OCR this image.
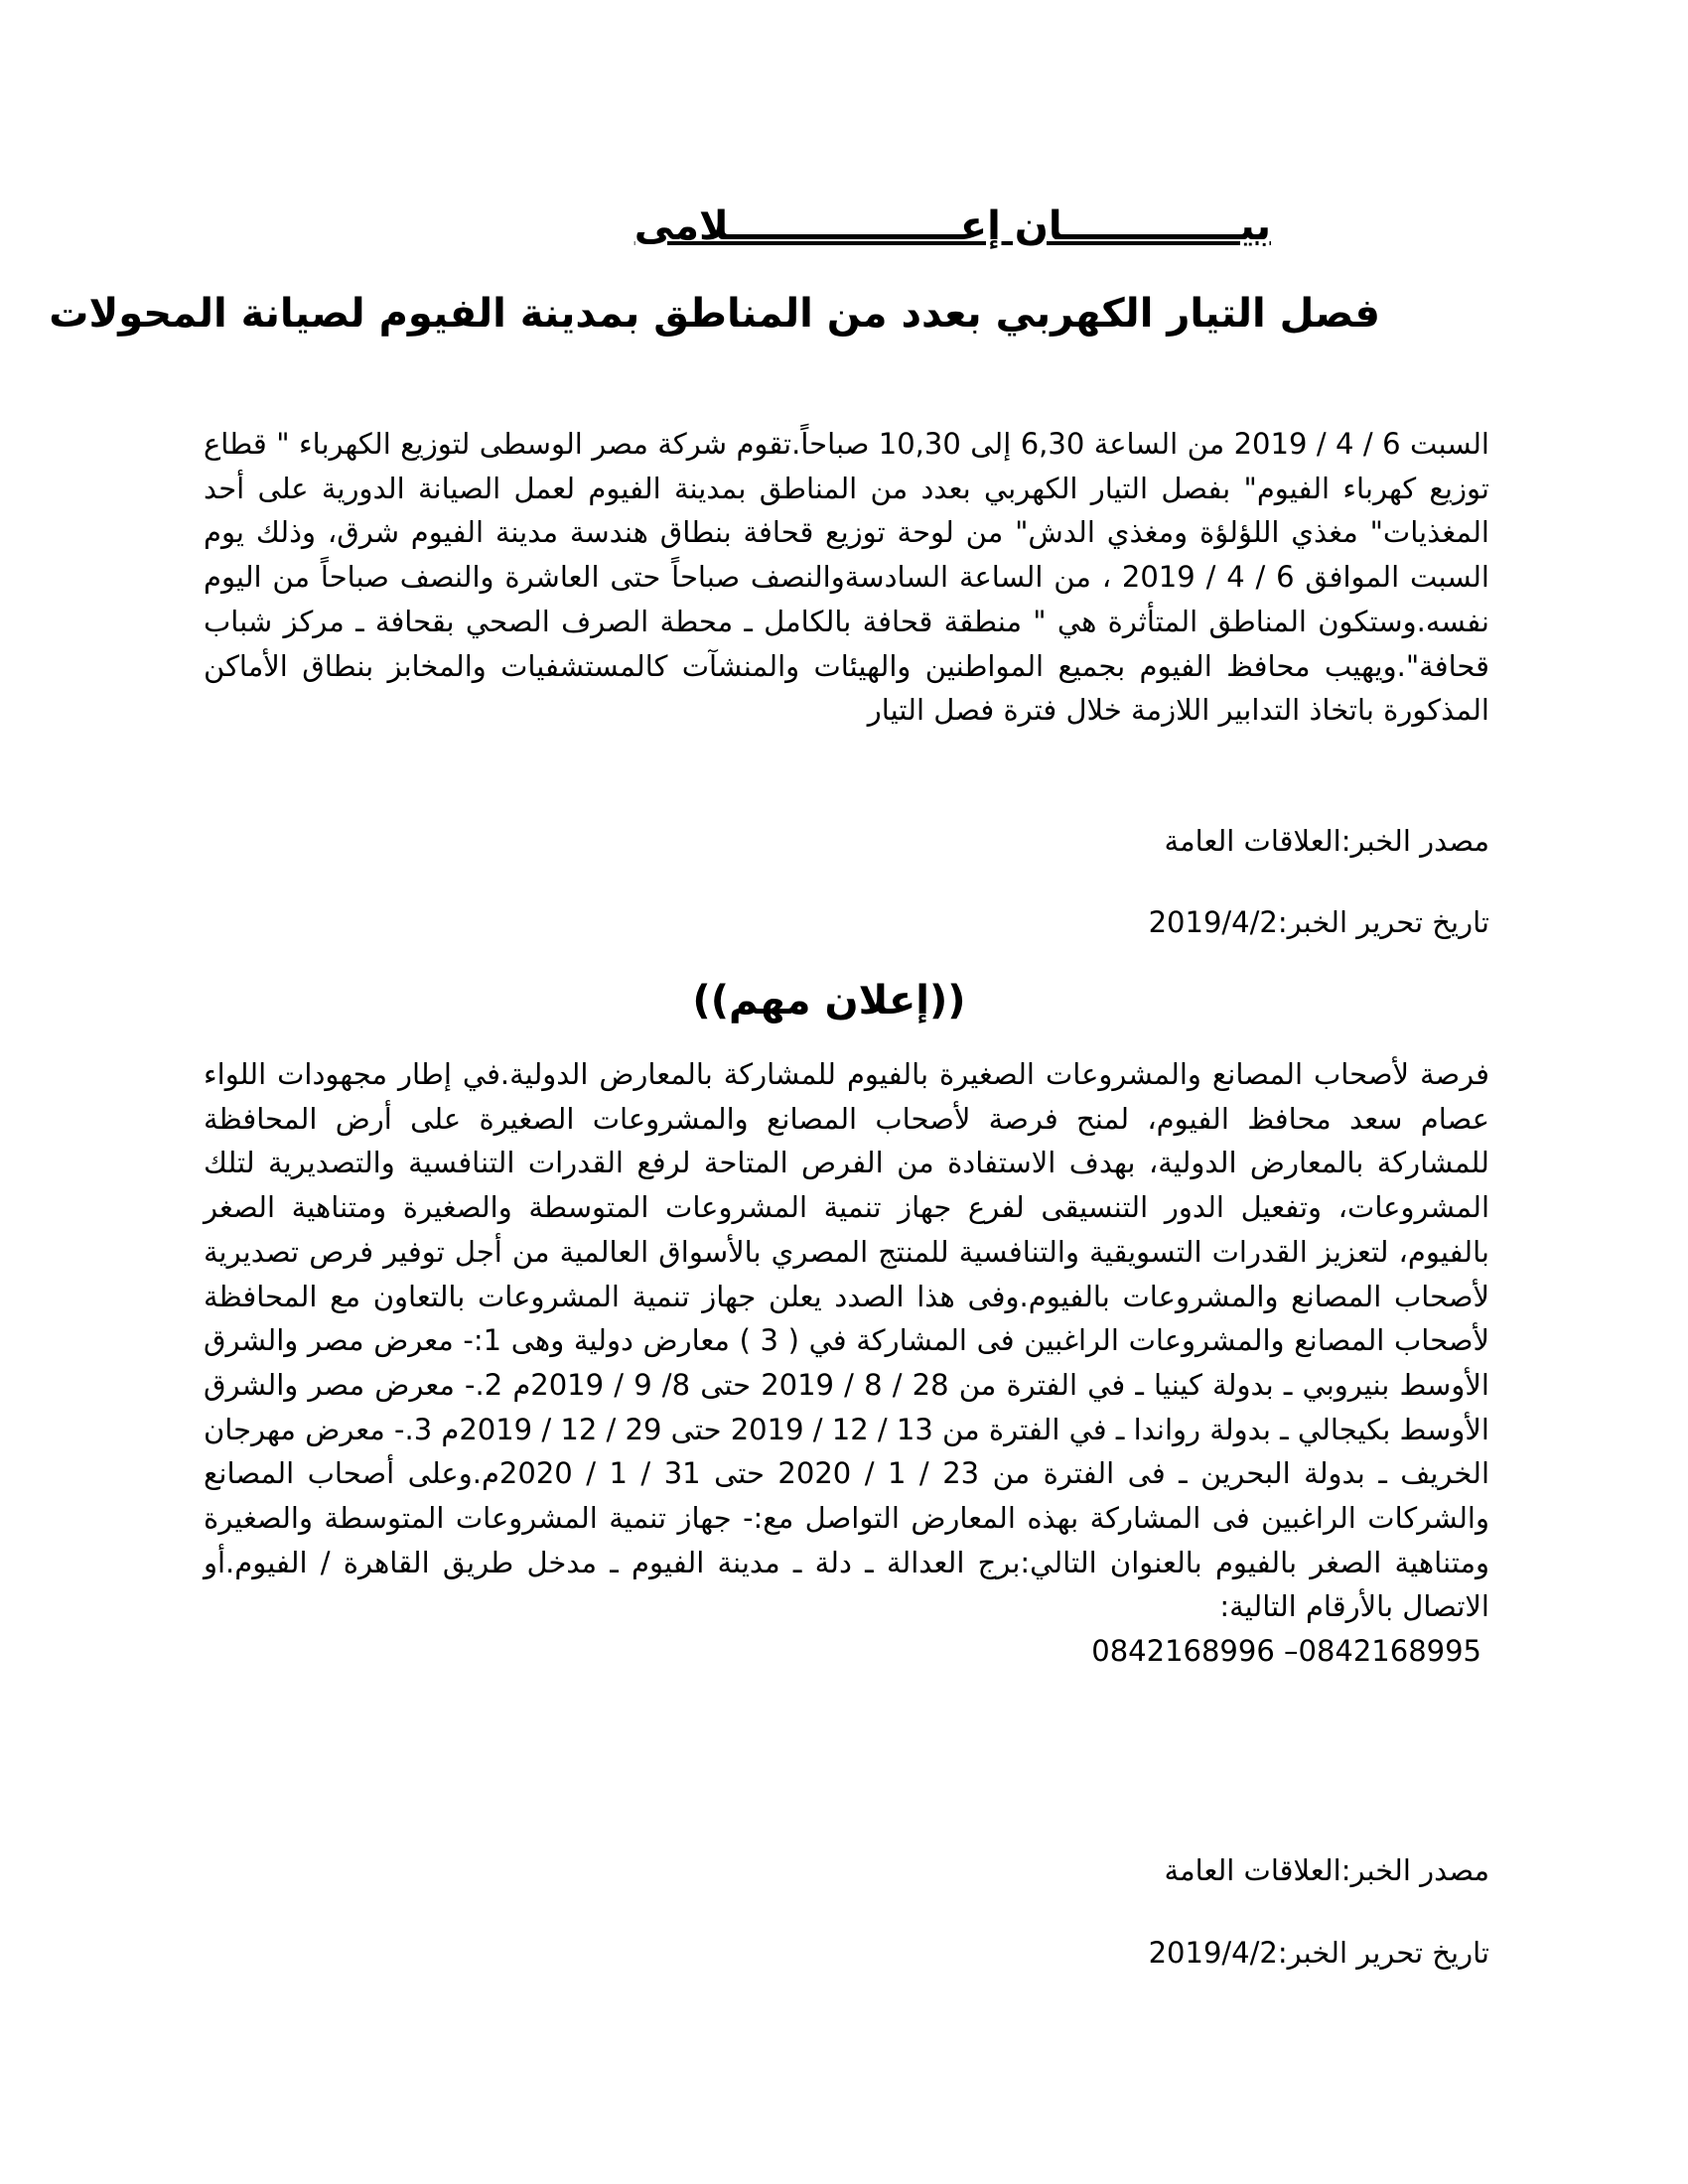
بيـــــــــــــان إعـــــــــــــــــلامى
فصل التيار الكهربي بعدد من المناطق بمدينة الفيوم لصيانة المحولات
السبت 6 / 4 / 2019 من الساعة 6,30 إلى 10,30 صباحاً.تقوم شركة مصر الوسطى لتوزيع الكهرباء " قطاع توزيع كهرباء الفيوم" بفصل التيار الكهربي بعدد من المناطق بمدينة الفيوم لعمل الصيانة الدورية على أحد المغذيات" مغذي اللؤلؤة ومغذي الدش" من لوحة توزيع قحافة بنطاق هندسة مدينة الفيوم شرق، وذلك يوم السبت الموافق 6 / 4 / 2019 ، من الساعة السادسةوالنصف صباحاً حتى العاشرة والنصف صباحاً من اليوم نفسه.وستكون المناطق المتأثرة هي " منطقة قحافة بالكامل ـ محطة الصرف الصحي بقحافة ـ مركز شباب قحافة".ويهيب محافظ الفيوم بجميع المواطنين والهيئات والمنشآت كالمستشفيات والمخابز بنطاق الأماكن المذكورة باتخاذ التدابير اللازمة خلال فترة فصل التيار
مصدر الخبر:العلاقات العامة
تاريخ تحرير الخبر:2019/4/2
((إعلان مهم))
فرصة لأصحاب المصانع والمشروعات الصغيرة بالفيوم للمشاركة بالمعارض الدولية.في إطار مجهودات اللواء عصام سعد محافظ الفيوم، لمنح فرصة لأصحاب المصانع والمشروعات الصغيرة على أرض المحافظة للمشاركة بالمعارض الدولية، بهدف الاستفادة من الفرص المتاحة لرفع القدرات التنافسية والتصديرية لتلك المشروعات، وتفعيل الدور التنسيقى لفرع جهاز تنمية المشروعات المتوسطة والصغيرة ومتناهية الصغر بالفيوم، لتعزيز القدرات التسويقية والتنافسية للمنتج المصري بالأسواق العالمية من أجل توفير فرص تصديرية لأصحاب المصانع والمشروعات بالفيوم.وفى هذا الصدد يعلن جهاز تنمية المشروعات بالتعاون مع المحافظة لأصحاب المصانع والمشروعات الراغبين فى المشاركة في ( 3 ) معارض دولية وهى 1:- معرض مصر والشرق الأوسط بنيروبي ـ بدولة كينيا ـ في الفترة من 28 / 8 / 2019 حتى 8/ 9 / 2019م 2.- معرض مصر والشرق الأوسط بكيجالي ـ بدولة رواندا ـ في الفترة من 13 / 12 / 2019 حتى 29 / 12 / 2019م 3.- معرض مهرجان الخريف ـ بدولة البحرين ـ فى الفترة من 23 / 1 / 2020 حتى 31 / 1 / 2020م.وعلى أصحاب المصانع والشركات الراغبين فى المشاركة بهذه المعارض التواصل مع:- جهاز تنمية المشروعات المتوسطة والصغيرة ومتناهية الصغر بالفيوم بالعنوان التالي:برج العدالة ـ دلة ـ مدينة الفيوم ـ مدخل طريق القاهرة / الفيوم.أو الاتصال بالأرقام التالية:
0842168996 –0842168995
مصدر الخبر:العلاقات العامة
تاريخ تحرير الخبر:2019/4/2
